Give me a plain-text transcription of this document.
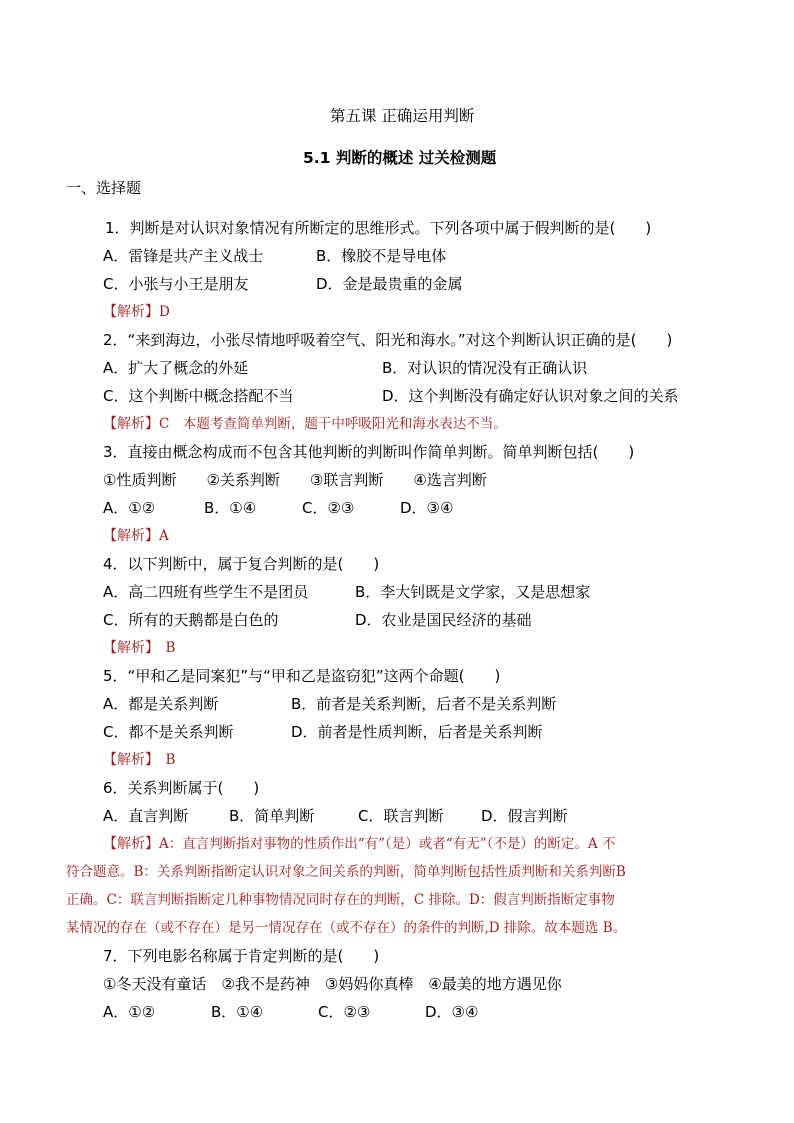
第五课 正确运用判断
5.1 判断的概述 过关检测题
一、选择题
1．判断是对认识对象情况有所断定的思维形式。下列各项中属于假判断的是(　　)
A．雷锋是共产主义战士	B．橡胶不是导电体
C．小张与小王是朋友	D．金是最贵重的金属
【解析】D
2．“来到海边，小张尽情地呼吸着空气、阳光和海水。”对这个判断认识正确的是(　　)
A．扩大了概念的外延	B．对认识的情况没有正确认识
C．这个判断中概念搭配不当	D．这个判断没有确定好认识对象之间的关系
【解析】C　本题考查简单判断，题干中呼吸阳光和海水表达不当。
3．直接由概念构成而不包含其他判断的判断叫作简单判断。简单判断包括(　　)
①性质判断　　②关系判断　　③联言判断　　④选言判断
A．①②	B．①④	C．②③	D．③④
【解析】A
4．以下判断中，属于复合判断的是(　　)
A．高二四班有些学生不是团员	B．李大钊既是文学家，又是思想家
C．所有的天鹅都是白色的	D．农业是国民经济的基础
【解析】　B
5．“甲和乙是同案犯”与“甲和乙是盗窃犯”这两个命题(　　)
A．都是关系判断	B．前者是关系判断，后者不是关系判断
C．都不是关系判断	D．前者是性质判断，后者是关系判断
【解析】　B
6．关系判断属于(　　)
A．直言判断	B．简单判断	C．联言判断	D．假言判断
【解析】A：直言判断指对事物的性质作出“有”（是）或者“有无”（不是）的断定。A 不
符合题意。B：关系判断指断定认识对象之间关系的判断，简单判断包括性质判断和关系判断B
正确。C：联言判断指断定几种事物情况同时存在的判断，C 排除。D：假言判断指断定事物
某情况的存在（或不存在）是另一情况存在（或不存在）的条件的判断,D 排除。故本题选 B。
7．下列电影名称属于肯定判断的是(　　)
①冬天没有童话　②我不是药神　③妈妈你真棒　④最美的地方遇见你
A．①②	B．①④	C．②③	D．③④
